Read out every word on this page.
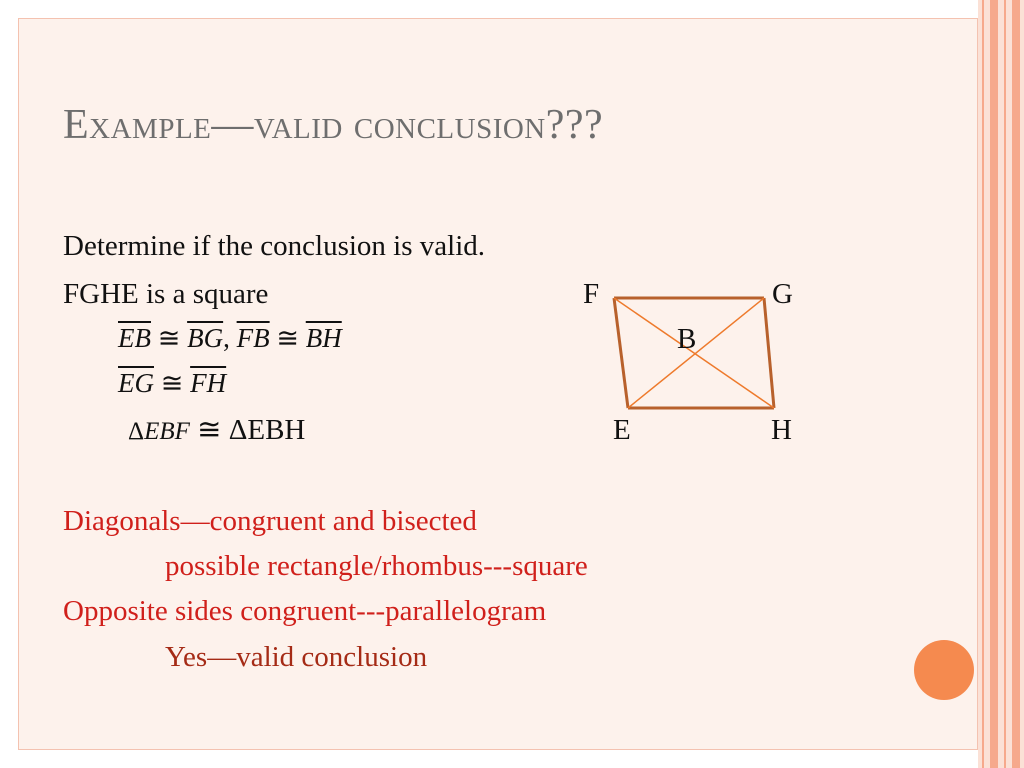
Example—valid conclusion???
Determine if the conclusion is valid.
FGHE is a square
$\overline{EB}$ ≅ $\overline{BG}$, $\overline{FB}$ ≅ $\overline{BH}$
$\overline{EG}$ ≅ $\overline{FH}$
ΔEBF ≅ ΔEBH
F	G
B
E	H
Diagonals—congruent and bisected
possible rectangle/rhombus---square
Opposite sides congruent---parallelogram
Yes—valid conclusion
